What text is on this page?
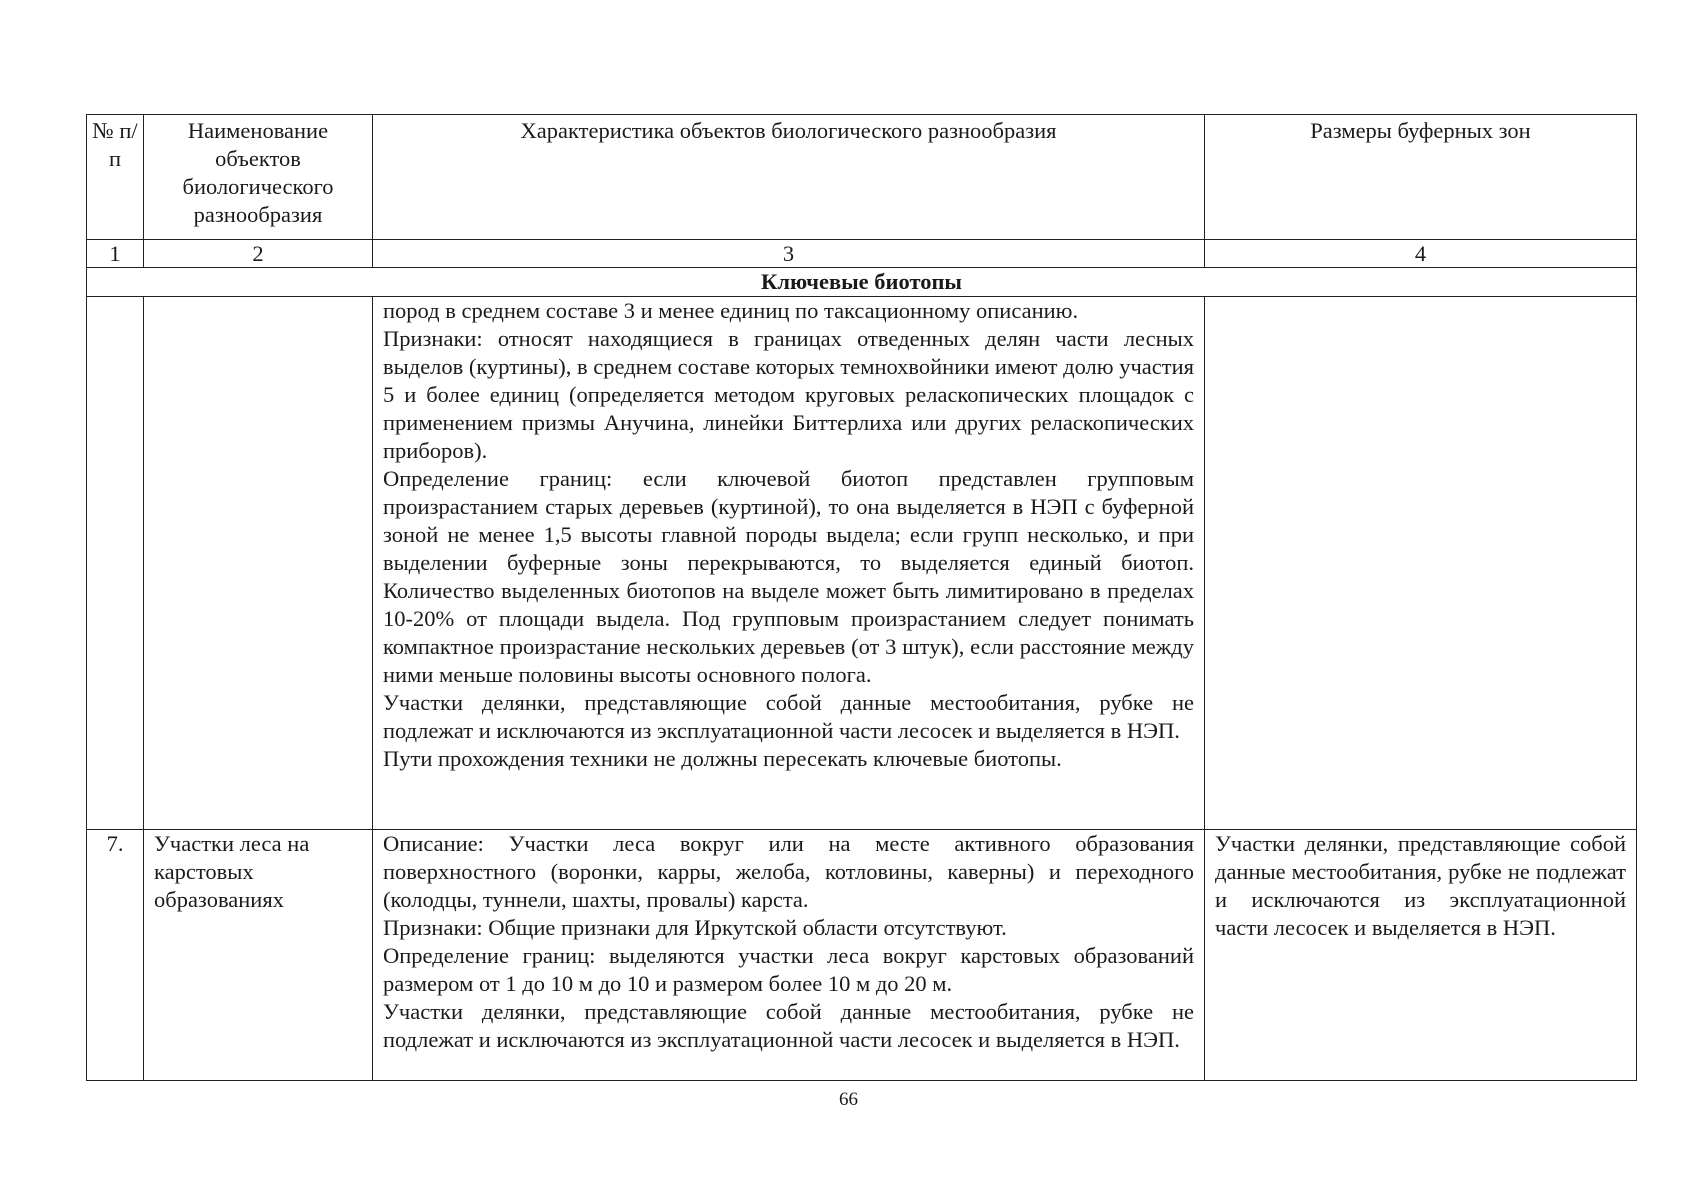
№ п/п	Наименование объектов биологического разнообразия	Характеристика объектов биологического разнообразия	Размеры буферных зон
1	2	3	4
Ключевые биотопы			

		пород в среднем составе 3 и менее единиц по таксационному описанию.

Признаки: относят находящиеся в границах отведенных делян части лесных выделов (куртины), в среднем составе которых темнохвойники имеют долю участия 5 и более единиц (определяется методом круговых реласкопических площадок с применением призмы Анучина, линейки Биттерлиха или других реласкопических приборов).

Определение границ: если ключевой биотоп представлен групповым произрастанием старых деревьев (куртиной), то она выделяется в НЭП с буферной зоной не менее 1,5 высоты главной породы выдела; если групп несколько, и при выделении буферные зоны перекрываются, то выделяется единый биотоп. Количество выделенных биотопов на выделе может быть лимитировано в пределах 10-20% от площади выдела. Под групповым произрастанием следует понимать компактное произрастание нескольких деревьев (от 3 штук), если расстояние между ними меньше половины высоты основного полога.

Участки делянки, представляющие собой данные местообитания, рубке не подлежат и исключаются из эксплуатационной части лесосек и выделяется в НЭП.

Пути прохождения техники не должны пересекать ключевые биотопы.	

7.	Участки леса на карстовых образованиях	Описание: Участки леса вокруг или на месте активного образования поверхностного (воронки, карры, желоба, котловины, каверны) и переходного (колодцы, туннели, шахты, провалы) карста.

Признаки: Общие признаки для Иркутской области отсутствуют.

Определение границ: выделяются участки леса вокруг карстовых образований размером от 1 до 10 м до 10 и размером более 10 м до 20 м.

Участки делянки, представляющие собой данные местообитания, рубке не подлежат и исключаются из эксплуатационной части лесосек и выделяется в НЭП.	Участки делянки, представляющие собой данные местообитания, рубке не подлежат и исключаются из эксплуатационной части лесосек и выделяется в НЭП.

66
